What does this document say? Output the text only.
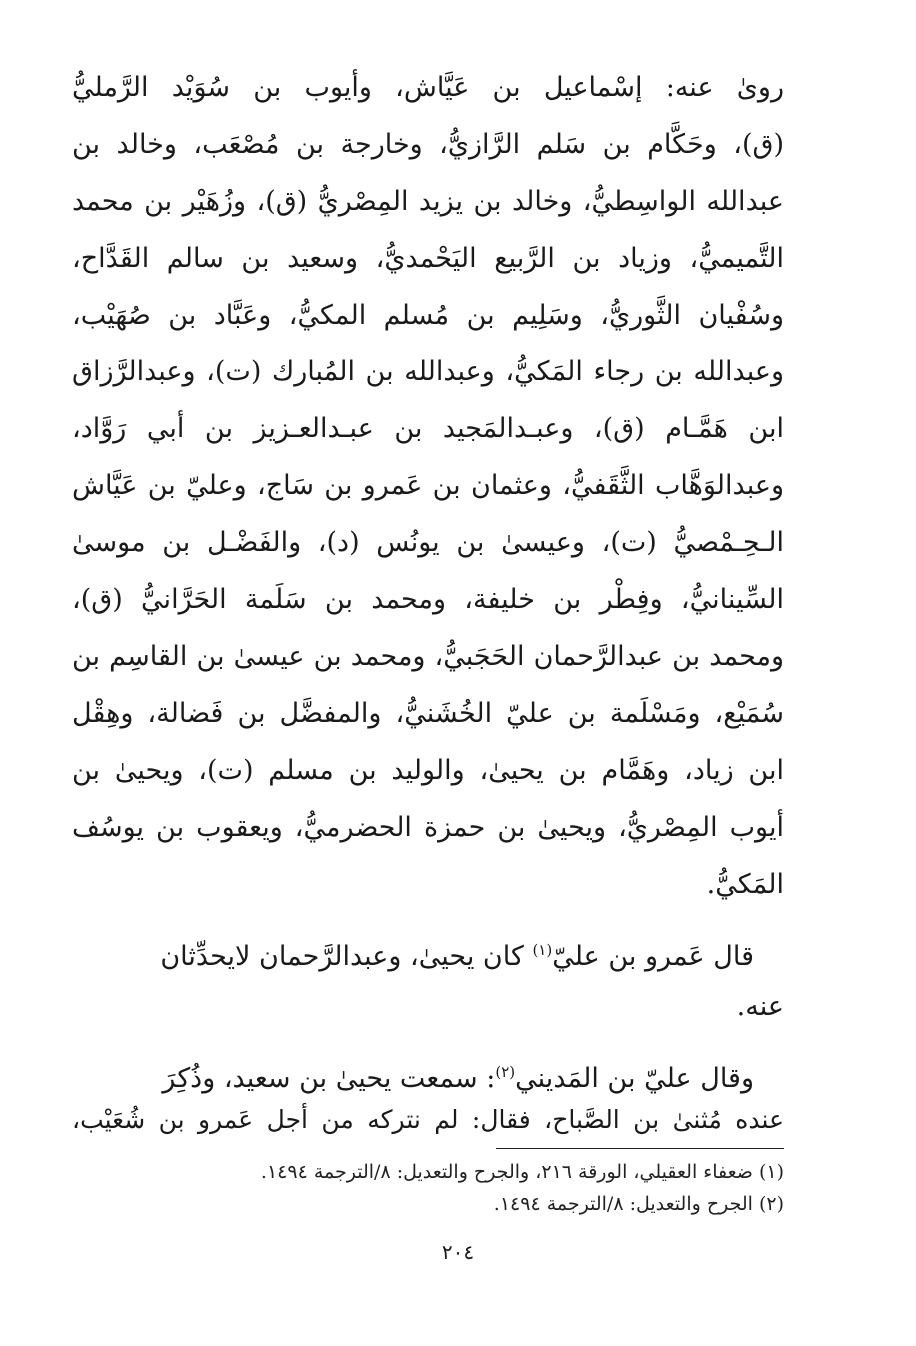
رویٰ عنه: إسْماعيل بن عَيَّاش، وأيوب بن سُوَيْد الرَّمليُّ
(ق)، وحَكَّام بن سَلم الرَّازيُّ، وخارجة بن مُصْعَب، وخالد بن
عبدالله الواسِطيُّ، وخالد بن يزيد المِصْريُّ (ق)، وزُهَيْر بن محمد
التَّميميُّ، وزياد بن الرَّبيع اليَحْمديُّ، وسعيد بن سالم القَدَّاح،
وسُفْيان الثَّوريُّ، وسَلِيم بن مُسلم المكيُّ، وعَبَّاد بن صُهَيْب،
وعبدالله بن رجاء المَكيُّ، وعبدالله بن المُبارك (ت)، وعبدالرَّزاق
ابن هَمَّـام (ق)، وعبـدالمَجيد بن عبـدالعـزيز بن أبي رَوَّاد،
وعبدالوَهَّاب الثَّقَفيُّ، وعثمان بن عَمرو بن سَاج، وعليّ بن عَيَّاش
الـحِـمْصيُّ (ت)، وعيسىٰ بن يونُس (د)، والفَضْـل بن موسىٰ
السِّينانيُّ، وفِطْر بن خليفة، ومحمد بن سَلَمة الحَرَّانيُّ (ق)،
ومحمد بن عبدالرَّحمان الحَجَبيُّ، ومحمد بن عيسىٰ بن القاسِم بن
سُمَيْع، ومَسْلَمة بن عليّ الخُشَنيُّ، والمفضَّل بن فَضالة، وهِقْل
ابن زياد، وهَمَّام بن يحيىٰ، والوليد بن مسلم (ت)، ويحيىٰ بن
أيوب المِصْريُّ، ويحيىٰ بن حمزة الحضرميُّ، ويعقوب بن يوسُف
المَكيُّ.
قال عَمرو بن عليّ$^{(١)}$ كان يحيىٰ، وعبدالرَّحمان لايحدِّثان
عنه.
وقال عليّ بن المَديني$^{(٢)}$: سمعت يحيىٰ بن سعيد، وذُكِرَ
عنده مُثنىٰ بن الصَّباح، فقال: لم نتركه من أجل عَمرو بن شُعَيْب،
(١) ضعفاء العقيلي، الورقة ٢١٦، والجرح والتعديل: ٨/الترجمة ١٤٩٤.
(٢) الجرح والتعديل: ٨/الترجمة ١٤٩٤.
٢٠٤
